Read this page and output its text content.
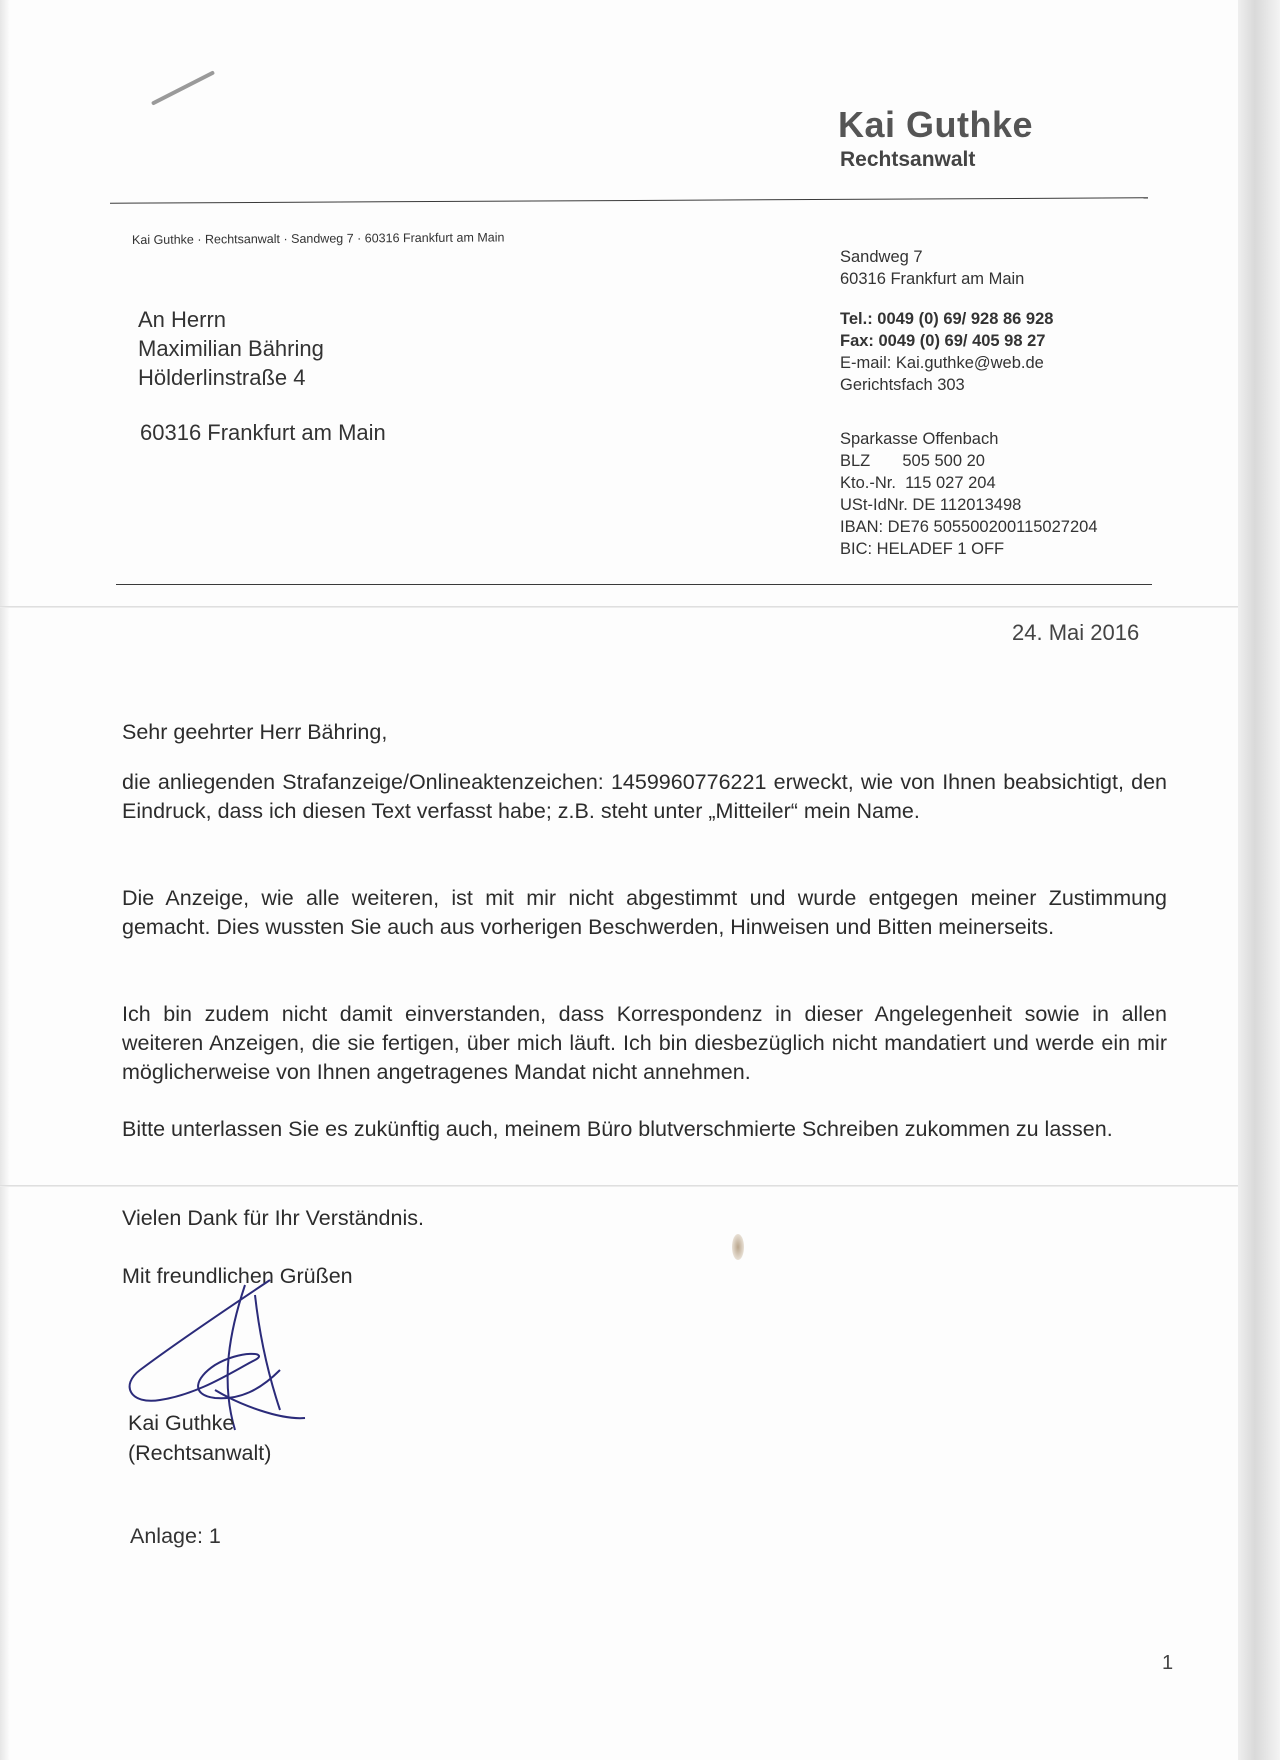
Kai Guthke
Rechtsanwalt
Kai Guthke · Rechtsanwalt · Sandweg 7 · 60316 Frankfurt am Main
Sandweg 7
60316 Frankfurt am Main
Tel.: 0049 (0) 69/ 928 86 928
Fax: 0049 (0) 69/ 405 98 27
E-mail: Kai.guthke@web.de
Gerichtsfach 303
Sparkasse Offenbach
BLZ       505 500 20
Kto.-Nr.  115 027 204
USt-IdNr. DE 112013498
IBAN: DE76 505500200115027204
BIC: HELADEF 1 OFF
An Herrn
Maximilian Bähring
Hölderlinstraße 4
60316 Frankfurt am Main
24. Mai 2016
Sehr geehrter Herr Bähring,
die anliegenden Strafanzeige/Onlineaktenzeichen: 1459960776221 erweckt, wie von Ihnen beabsichtigt, den Eindruck, dass ich diesen Text verfasst habe; z.B. steht unter „Mitteiler“ mein Name.
Die Anzeige, wie alle weiteren, ist mit mir nicht abgestimmt und wurde entgegen meiner Zustimmung gemacht. Dies wussten Sie auch aus vorherigen Beschwerden, Hinweisen und Bitten meinerseits.
Ich bin zudem nicht damit einverstanden, dass Korrespondenz in dieser Angelegenheit sowie in allen weiteren Anzeigen, die sie fertigen, über mich läuft. Ich bin diesbezüglich nicht mandatiert und werde ein mir möglicherweise von Ihnen angetragenes Mandat nicht annehmen.
Bitte unterlassen Sie es zukünftig auch, meinem Büro blutverschmierte Schreiben zukommen zu lassen.
Vielen Dank für Ihr Verständnis.
Mit freundlichen Grüßen
Kai Guthke
(Rechtsanwalt)
Anlage: 1
1
